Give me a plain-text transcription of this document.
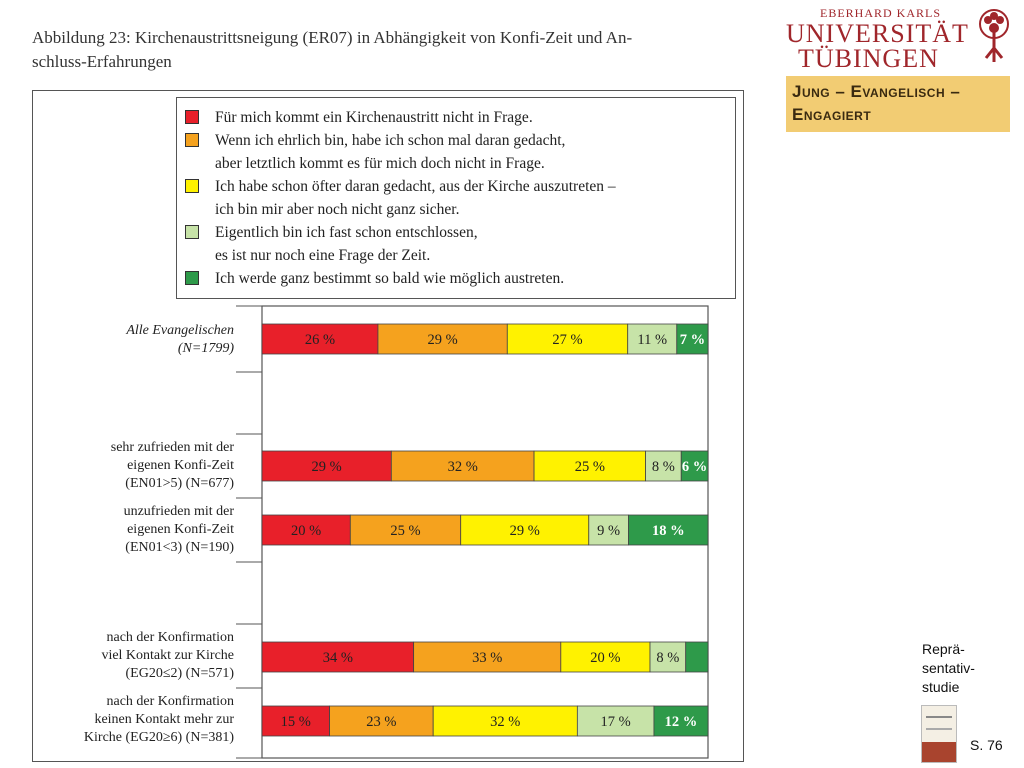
Abbildung 23: Kirchenaustrittsneigung (ER07) in Abhängigkeit von Konfi-Zeit und An-
schluss-Erfahrungen
Für mich kommt ein Kirchenaustritt nicht in Frage.
Wenn ich ehrlich bin, habe ich schon mal daran gedacht,
aber letztlich kommt es für mich doch nicht in Frage.
Ich habe schon öfter daran gedacht, aus der Kirche auszutreten –
ich bin mir aber noch nicht ganz sicher.
Eigentlich bin ich fast schon entschlossen,
es ist nur noch eine Frage der Zeit.
Ich werde ganz bestimmt so bald wie möglich austreten.
Alle Evangelischen
(N=1799)
sehr zufrieden mit der
eigenen Konfi-Zeit
(EN01>5) (N=677)
unzufrieden mit der
eigenen Konfi-Zeit
(EN01<3) (N=190)
nach der Konfirmation
viel Kontakt zur Kirche
(EG20≤2) (N=571)
nach der Konfirmation
keinen Kontakt mehr zur
Kirche (EG20≥6) (N=381)
26 %	29 %	27 %	11 % 7 %
29 %	32 %	25 %	8 % 6 %
20 %	25 %	29 %	9 % 18 %
34 %	33 %	20 % 8 %
15 %	23 %	32 %	17 % 12 %
EBERHARD KARLS
UNIVERSITÄT
TÜBINGEN
Jung – Evangelisch –
Engagiert
Reprä-
sentativ-
studie
S. 76
